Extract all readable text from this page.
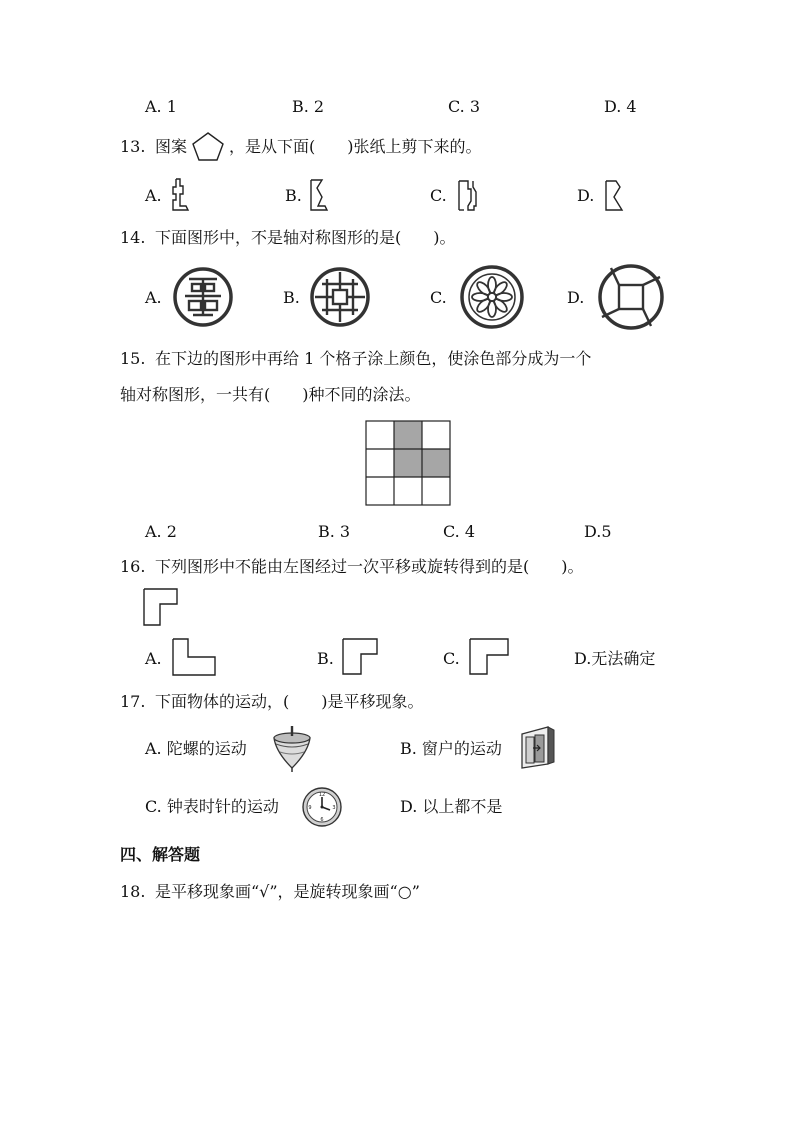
A. 1	B. 2	C. 3	D. 4
13. 图案	，是从下面(　　)张纸上剪下来的。
A.	B.	C.	D.
14. 下面图形中，不是轴对称图形的是(　　)。
A.	B.	C.	D.
15. 在下边的图形中再给 1 个格子涂上颜色，使涂色部分成为一个
轴对称图形，一共有(　　)种不同的涂法。
A. 2	B. 3	C. 4	D.5
16. 下列图形中不能由左图经过一次平移或旋转得到的是(　　)。
A.	B.	C.	D.无法确定
17. 下面物体的运动，(　　)是平移现象。
A. 陀螺的运动	B. 窗户的运动
C. 钟表时针的运动
12
3
6
9	D. 以上都不是
四、解答题
18. 是平移现象画“√”，是旋转现象画“○”
